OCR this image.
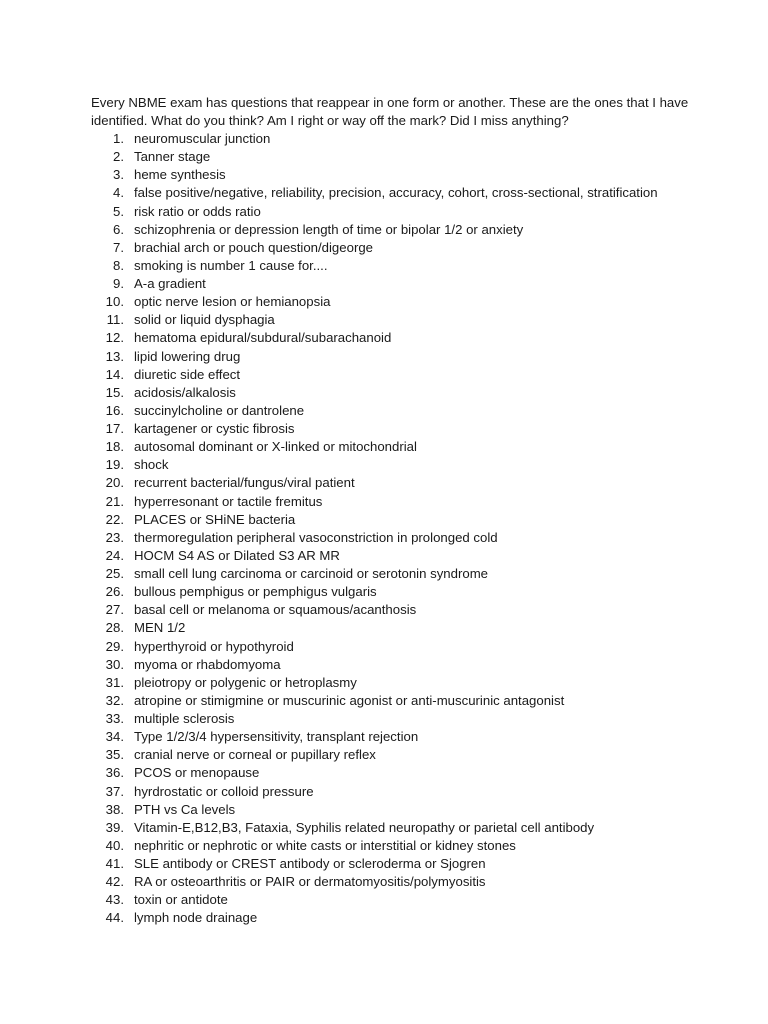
Every NBME exam has questions that reappear in one form or another. These are the ones that I have identified. What do you think? Am I right or way off the mark? Did I miss anything?

1. neuromuscular junction
2. Tanner stage
3. heme synthesis
4. false positive/negative, reliability, precision, accuracy, cohort, cross-sectional, stratification
5. risk ratio or odds ratio
6. schizophrenia or depression length of time or bipolar 1/2 or anxiety
7. brachial arch or pouch question/digeorge
8. smoking is number 1 cause for....
9. A-a gradient
10. optic nerve lesion or hemianopsia
11. solid or liquid dysphagia
12. hematoma epidural/subdural/subarachanoid
13. lipid lowering drug
14. diuretic side effect
15. acidosis/alkalosis
16. succinylcholine or dantrolene
17. kartagener or cystic fibrosis
18. autosomal dominant or X-linked or mitochondrial
19. shock
20. recurrent bacterial/fungus/viral patient
21. hyperresonant or tactile fremitus
22. PLACES or SHiNE bacteria
23. thermoregulation peripheral vasoconstriction in prolonged cold
24. HOCM S4 AS or Dilated S3 AR MR
25. small cell lung carcinoma or carcinoid or serotonin syndrome
26. bullous pemphigus or pemphigus vulgaris
27. basal cell or melanoma or squamous/acanthosis
28. MEN 1/2
29. hyperthyroid or hypothyroid
30. myoma or rhabdomyoma
31. pleiotropy or polygenic or hetroplasmy
32. atropine or stimigmine or muscurinic agonist or anti-muscurinic antagonist
33. multiple sclerosis
34. Type 1/2/3/4 hypersensitivity, transplant rejection
35. cranial nerve or corneal or pupillary reflex
36. PCOS or menopause
37. hyrdrostatic or colloid pressure
38. PTH vs Ca levels
39. Vitamin-E,B12,B3, Fataxia, Syphilis related neuropathy or parietal cell antibody
40. nephritic or nephrotic or white casts or interstitial or kidney stones
41. SLE antibody or CREST antibody or scleroderma or Sjogren
42. RA or osteoarthritis or PAIR or dermatomyositis/polymyositis
43. toxin or antidote
44. lymph node drainage
